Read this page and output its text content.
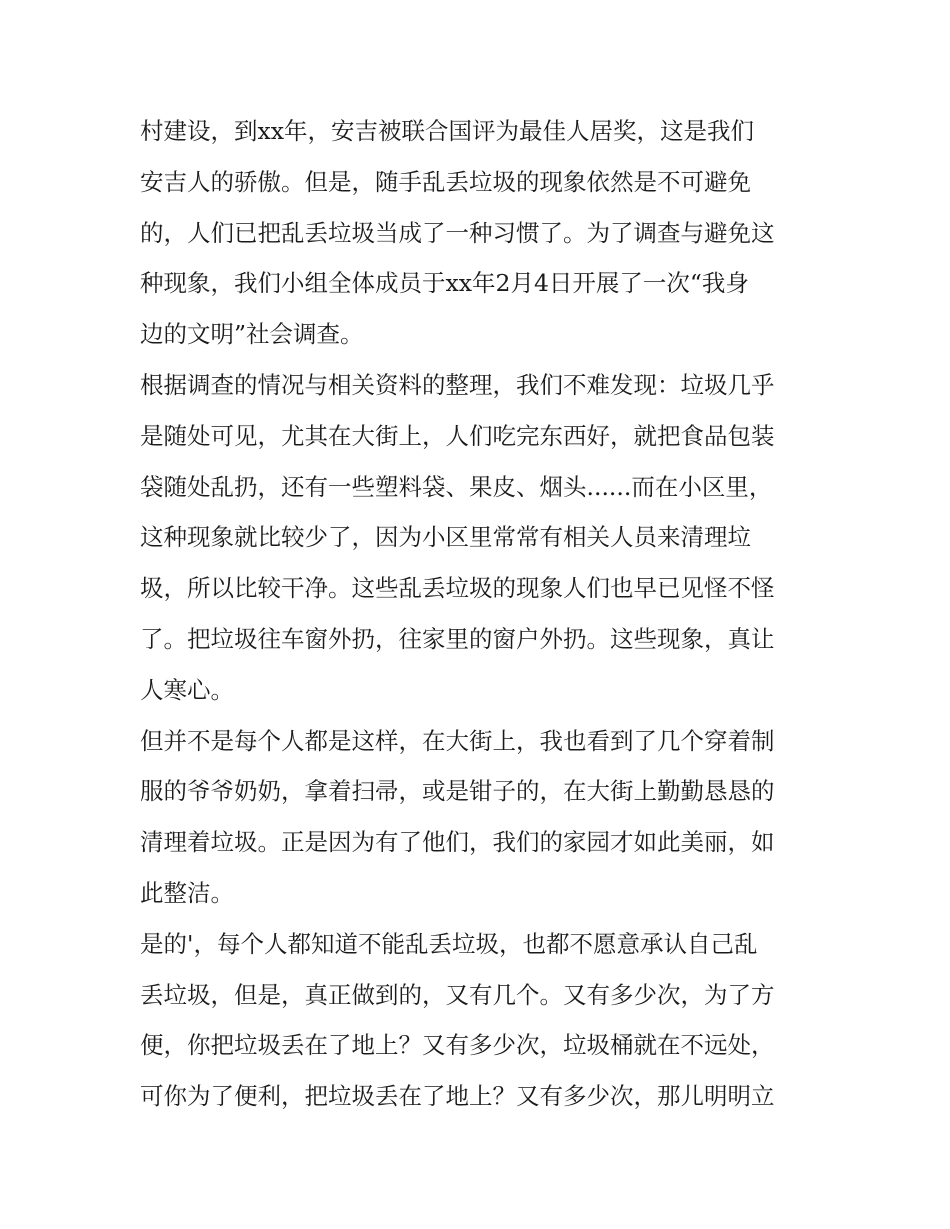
村建设，到xx年，安吉被联合国评为最佳人居奖，这是我们
安吉人的骄傲。但是，随手乱丢垃圾的现象依然是不可避免
的，人们已把乱丢垃圾当成了一种习惯了。为了调查与避免这
种现象，我们小组全体成员于xx年2月4日开展了一次“我身
边的文明”社会调查。
根据调查的情况与相关资料的整理，我们不难发现：垃圾几乎
是随处可见，尤其在大街上，人们吃完东西好，就把食品包装
袋随处乱扔，还有一些塑料袋、果皮、烟头......而在小区里，
这种现象就比较少了，因为小区里常常有相关人员来清理垃
圾，所以比较干净。这些乱丢垃圾的现象人们也早已见怪不怪
了。把垃圾往车窗外扔，往家里的窗户外扔。这些现象，真让
人寒心。
但并不是每个人都是这样，在大街上，我也看到了几个穿着制
服的爷爷奶奶，拿着扫帚，或是钳子的，在大街上勤勤恳恳的
清理着垃圾。正是因为有了他们，我们的家园才如此美丽，如
此整洁。
是的'，每个人都知道不能乱丢垃圾，也都不愿意承认自己乱
丢垃圾，但是，真正做到的，又有几个。又有多少次，为了方
便，你把垃圾丢在了地上？又有多少次，垃圾桶就在不远处，
可你为了便利，把垃圾丢在了地上？又有多少次，那儿明明立
